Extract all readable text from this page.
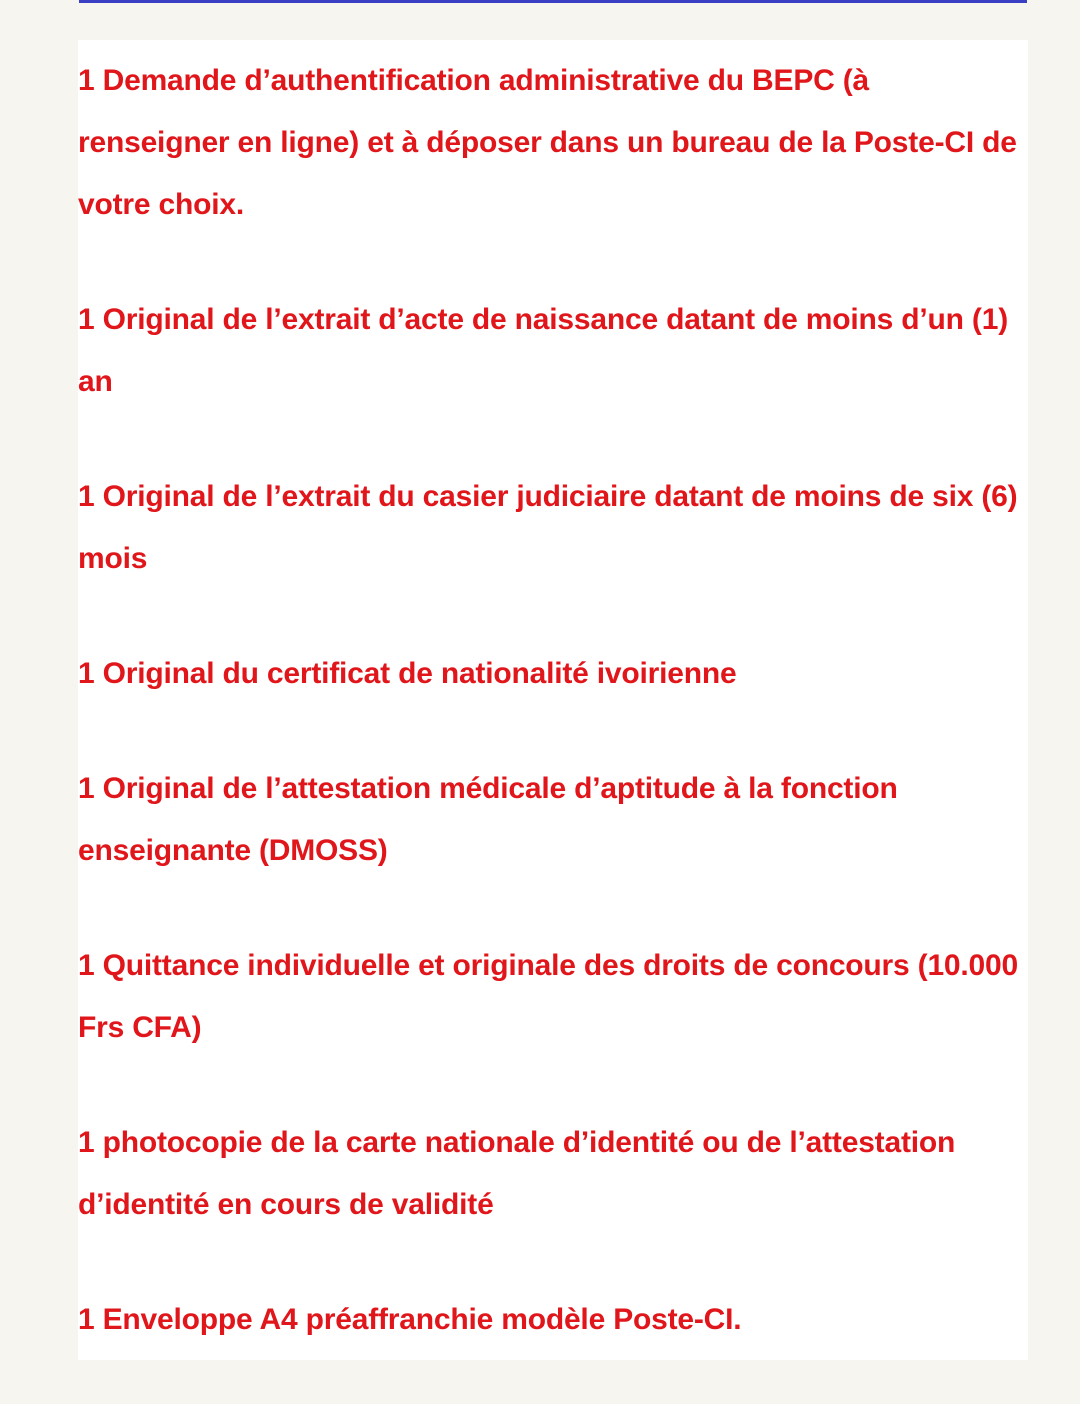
1 Demande d’authentification administrative du BEPC (à renseigner en ligne) et à déposer dans un bureau de la Poste-CI de votre choix.
1 Original de l’extrait d’acte de naissance datant de moins d’un (1) an
1 Original de l’extrait du casier judiciaire datant de moins de six (6) mois
1 Original du certificat de nationalité ivoirienne
1 Original de l’attestation médicale d’aptitude à la fonction enseignante (DMOSS)
1 Quittance individuelle et originale des droits de concours (10.000 Frs CFA)
1 photocopie de la carte nationale d’identité ou de l’attestation d’identité en cours de validité
1 Enveloppe A4 préaffranchie modèle Poste-CI.
